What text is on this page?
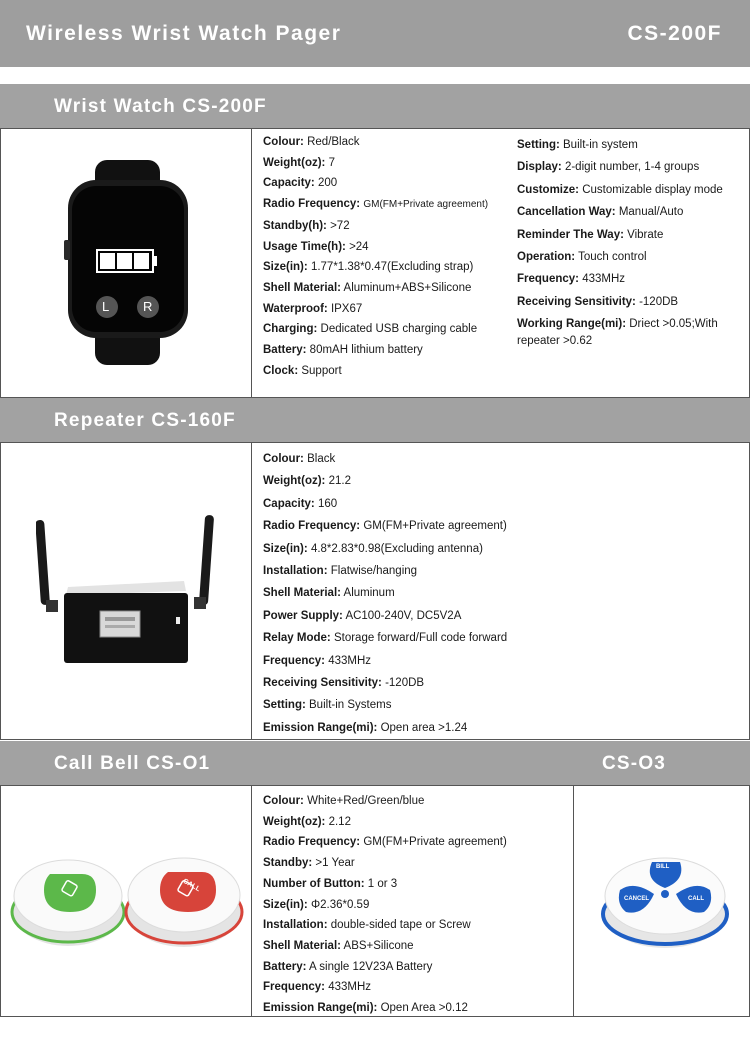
Wireless Wrist Watch Pager	CS-200F
Wrist Watch CS-200F
L	R
Colour: Red/Black
Weight(oz): 7
Capacity: 200
Radio Frequency: GM(FM+Private agreement)
Standby(h): >72
Usage Time(h): >24
Size(in): 1.77*1.38*0.47(Excluding strap)
Shell Material: Aluminum+ABS+Silicone
Waterproof: IPX67
Charging: Dedicated USB charging cable
Battery: 80mAH lithium battery
Clock: Support
Setting: Built-in system
Display: 2-digit number, 1-4 groups
Customize: Customizable display mode
Cancellation Way: Manual/Auto
Reminder The Way: Vibrate
Operation: Touch control
Frequency: 433MHz
Receiving Sensitivity: -120DB
Working Range(mi): Driect >0.05;With
repeater >0.62
Repeater CS-160F
Colour: Black
Weight(oz): 21.2
Capacity: 160
Radio Frequency: GM(FM+Private agreement)
Size(in): 4.8*2.83*0.98(Excluding antenna)
Installation: Flatwise/hanging
Shell Material: Aluminum
Power Supply: AC100-240V, DC5V2A
Relay Mode: Storage forward/Full code forward
Frequency: 433MHz
Receiving Sensitivity: -120DB
Setting: Built-in Systems
Emission Range(mi): Open area >1.24
Call Bell CS-O1	CS-O3
CALL
BILL
CANCEL	CALL
Colour: White+Red/Green/blue
Weight(oz): 2.12
Radio Frequency: GM(FM+Private agreement)
Standby: >1 Year
Number of Button: 1 or 3
Size(in): Φ2.36*0.59
Installation: double-sided tape or Screw
Shell Material: ABS+Silicone
Battery: A single 12V23A Battery
Frequency: 433MHz
Emission Range(mi): Open Area >0.12
